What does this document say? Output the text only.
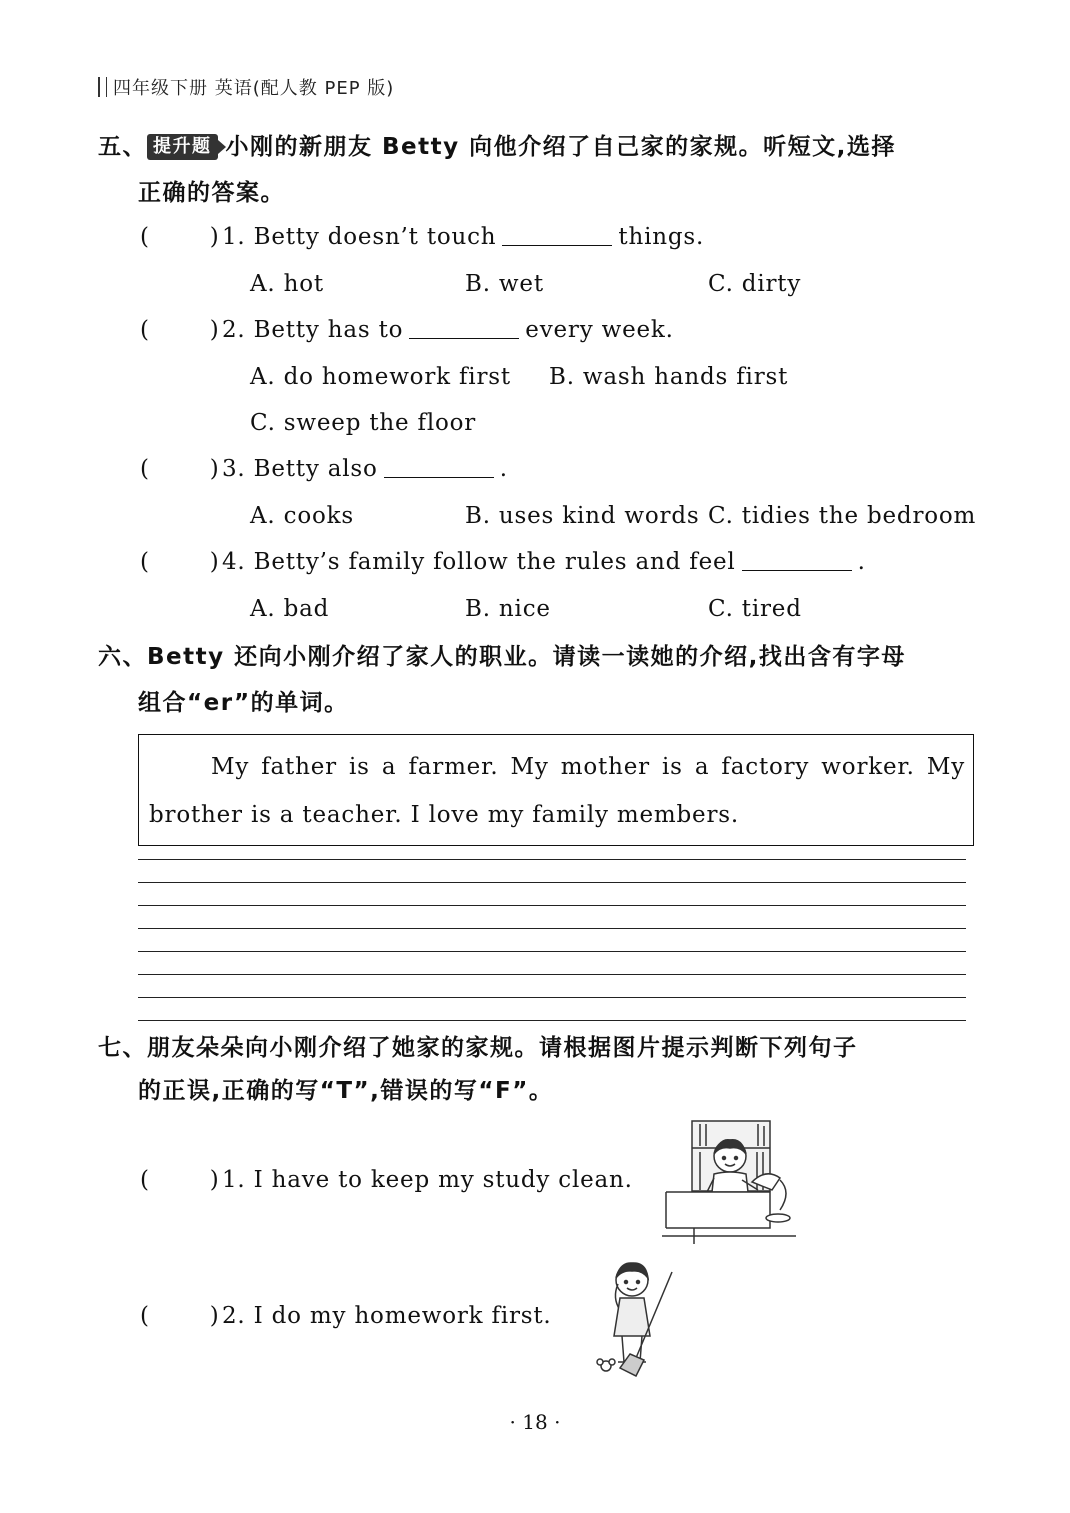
四年级下册 英语(配人教 PEP 版)
五、 提升题 小刚的新朋友 Betty 向他介绍了自己家的家规。听短文,选择
正确的答案。
(	) 1. Betty doesn’t touch	things.
A. hot	B. wet	C. dirty
(	) 2. Betty has to	every week.
A. do homework first B. wash hands first
C. sweep the floor
(	) 3. Betty also	.
A. cooks	B. uses kind words C. tidies the bedroom
(	) 4. Betty’s family follow the rules and feel	.
A. bad	B. nice	C. tired
六、Betty 还向小刚介绍了家人的职业。请读一读她的介绍,找出含有字母
组合“er”的单词。

My father is a farmer. My mother is a factory worker. My

brother is a teacher. I love my family members.

七、朋友朵朵向小刚介绍了她家的家规。请根据图片提示判断下列句子
的正误,正确的写“T”,错误的写“F”。
(	) 1. I have to keep my study clean.
(	) 2. I do my homework first.
· 18 ·
